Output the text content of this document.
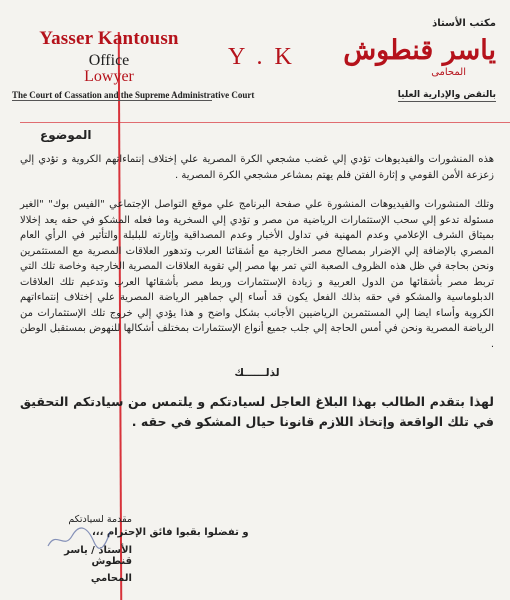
Yasser Kantousn
Office
Lowyer
The Court of Cassation and the Supreme Administrative Court
Y . K
مكتب الأستاذ
ياسر قنطوش
المحامى
بالنقض والإدارية العليا
الموضوع

هذه المنشورات والفيديوهات تؤدي إلي غضب مشجعي الكرة المصرية علي إختلاف إنتماءاتهم الكروية و تؤدي إلي زعزعة الأمن القومي و إثارة الفتن فلم يهتم بمشاعر مشجعي الكرة المصرية .

وتلك المنشورات والفيديوهات المنشورة علي صفحة البرنامج علي موقع التواصل الإجتماعي "الفيس بوك" "الغير مسئولة تدعو إلي سحب الإستثمارات الرياضية من مصر و تؤدي إلي السخرية وما فعله المشكو في حقه يعد إخلالا بميثاق الشرف الإعلامي وعدم المهنية في تداول الأخبار وعدم المصداقية وإثارته للبلبلة والتأثير في الرأي العام المصري بالإضافة إلي الإضرار بمصالح مصر الخارجية مع أشقائنا العرب وتدهور العلاقات المصرية مع المستثمرين ونحن بحاجة في ظل هذه الظروف الصعبة التي تمر بها مصر إلي تقوية العلاقات المصرية الخارجية وخاصة تلك التي تربط مصر بأشقائها من الدول العربية و زيادة الإستثمارات وربط مصر بأشقائها العرب وتدعيم تلك العلاقات الدبلوماسية والمشكو في حقه بذلك الفعل يكون قد أساء إلي جماهير الرياضة المصرية علي إختلاف إنتماءاتهم الكروية وأساء ايضا إلي المستثمرين الرياضيين الأجانب بشكل واضح و هذا يؤدي إلي خروج تلك الإستثمارات من الرياضة المصرية ونحن في أمس الحاجة إلي جلب جميع أنواع الإستثمارات بمختلف أشكالها للنهوض بمستقبل الوطن .

لذلــــــك
لهذا بتقدم الطالب بهذا البلاغ العاجل لسيادتكم و يلتمس من سيادتكم التحقيق في تلك الواقعة وإتخاذ اللازم قانونا حيال المشكو في حقه .
و تفضلوا بقبوا فائق الإحترام ،،،
مقدمة لسيادتكم
الأستاذ / ياسر قنطوش
المحامي
